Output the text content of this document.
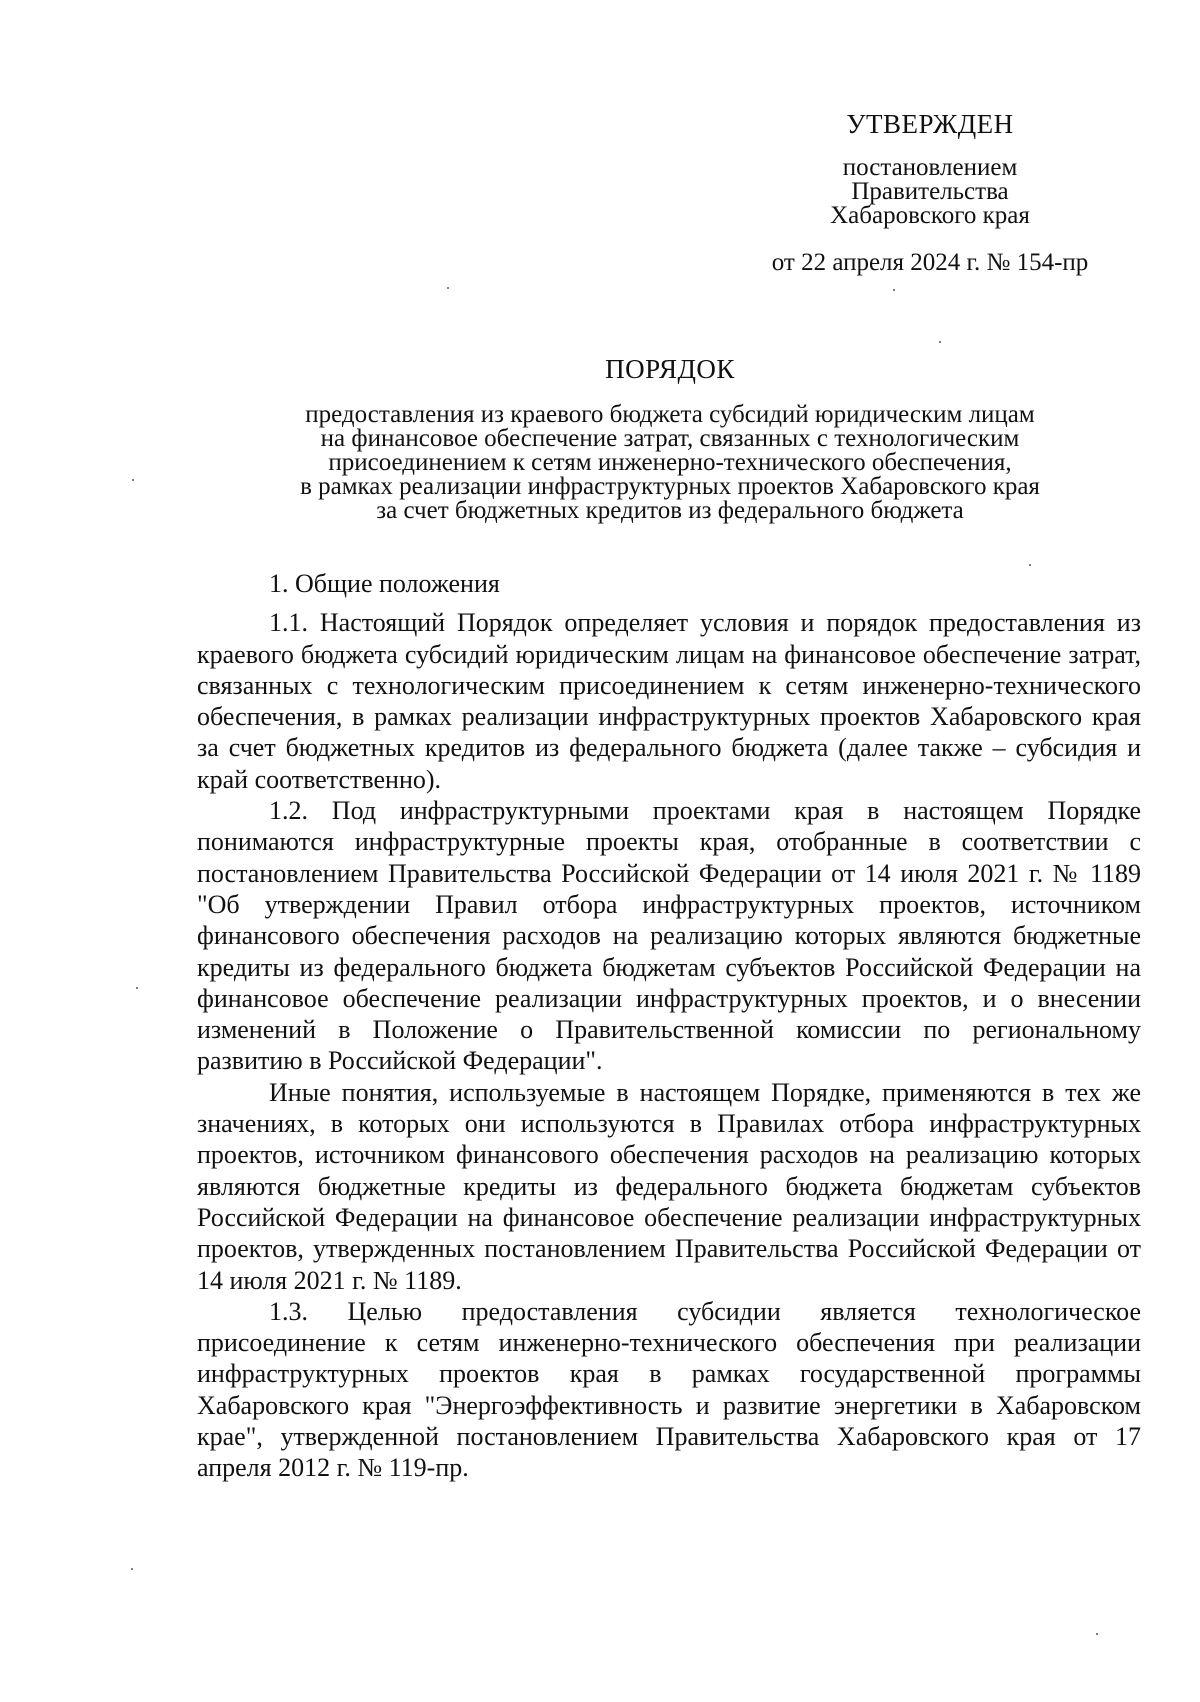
УТВЕРЖДЕН
постановлением
Правительства
Хабаровского края
от 22 апреля 2024 г. № 154-пр
ПОРЯДОК
предоставления из краевого бюджета субсидий юридическим лицам
на финансовое обеспечение затрат, связанных с технологическим
присоединением к сетям инженерно-технического обеспечения,
в рамках реализации инфраструктурных проектов Хабаровского края
за счет бюджетных кредитов из федерального бюджета
1. Общие положения

1.1. Настоящий Порядок определяет условия и порядок предоставления из краевого бюджета субсидий юридическим лицам на финансовое обеспечение затрат, связанных с технологическим присоединением к сетям инженерно-технического обеспечения, в рамках реализации инфраструктурных проектов Хабаровского края за счет бюджетных кредитов из федерального бюджета (далее также – субсидия и край соответственно).

1.2. Под инфраструктурными проектами края в настоящем Порядке понимаются инфраструктурные проекты края, отобранные в соответствии с постановлением Правительства Российской Федерации от 14 июля 2021 г. № 1189 "Об утверждении Правил отбора инфраструктурных проектов, источником финансового обеспечения расходов на реализацию которых являются бюджетные кредиты из федерального бюджета бюджетам субъектов Российской Федерации на финансовое обеспечение реализации инфраструктурных проектов, и о внесении изменений в Положение о Правительственной комиссии по региональному развитию в Российской Федерации".

Иные понятия, используемые в настоящем Порядке, применяются в тех же значениях, в которых они используются в Правилах отбора инфраструктурных проектов, источником финансового обеспечения расходов на реализацию которых являются бюджетные кредиты из федерального бюджета бюджетам субъектов Российской Федерации на финансовое обеспечение реализации инфраструктурных проектов, утвержденных постановлением Правительства Российской Федерации от 14 июля 2021 г. № 1189.

1.3. Целью предоставления субсидии является технологическое присоединение к сетям инженерно-технического обеспечения при реализации инфраструктурных проектов края в рамках государственной программы Хабаровского края "Энергоэффективность и развитие энергетики в Хабаровском крае", утвержденной постановлением Правительства Хабаровского края от 17 апреля 2012 г. № 119-пр.
